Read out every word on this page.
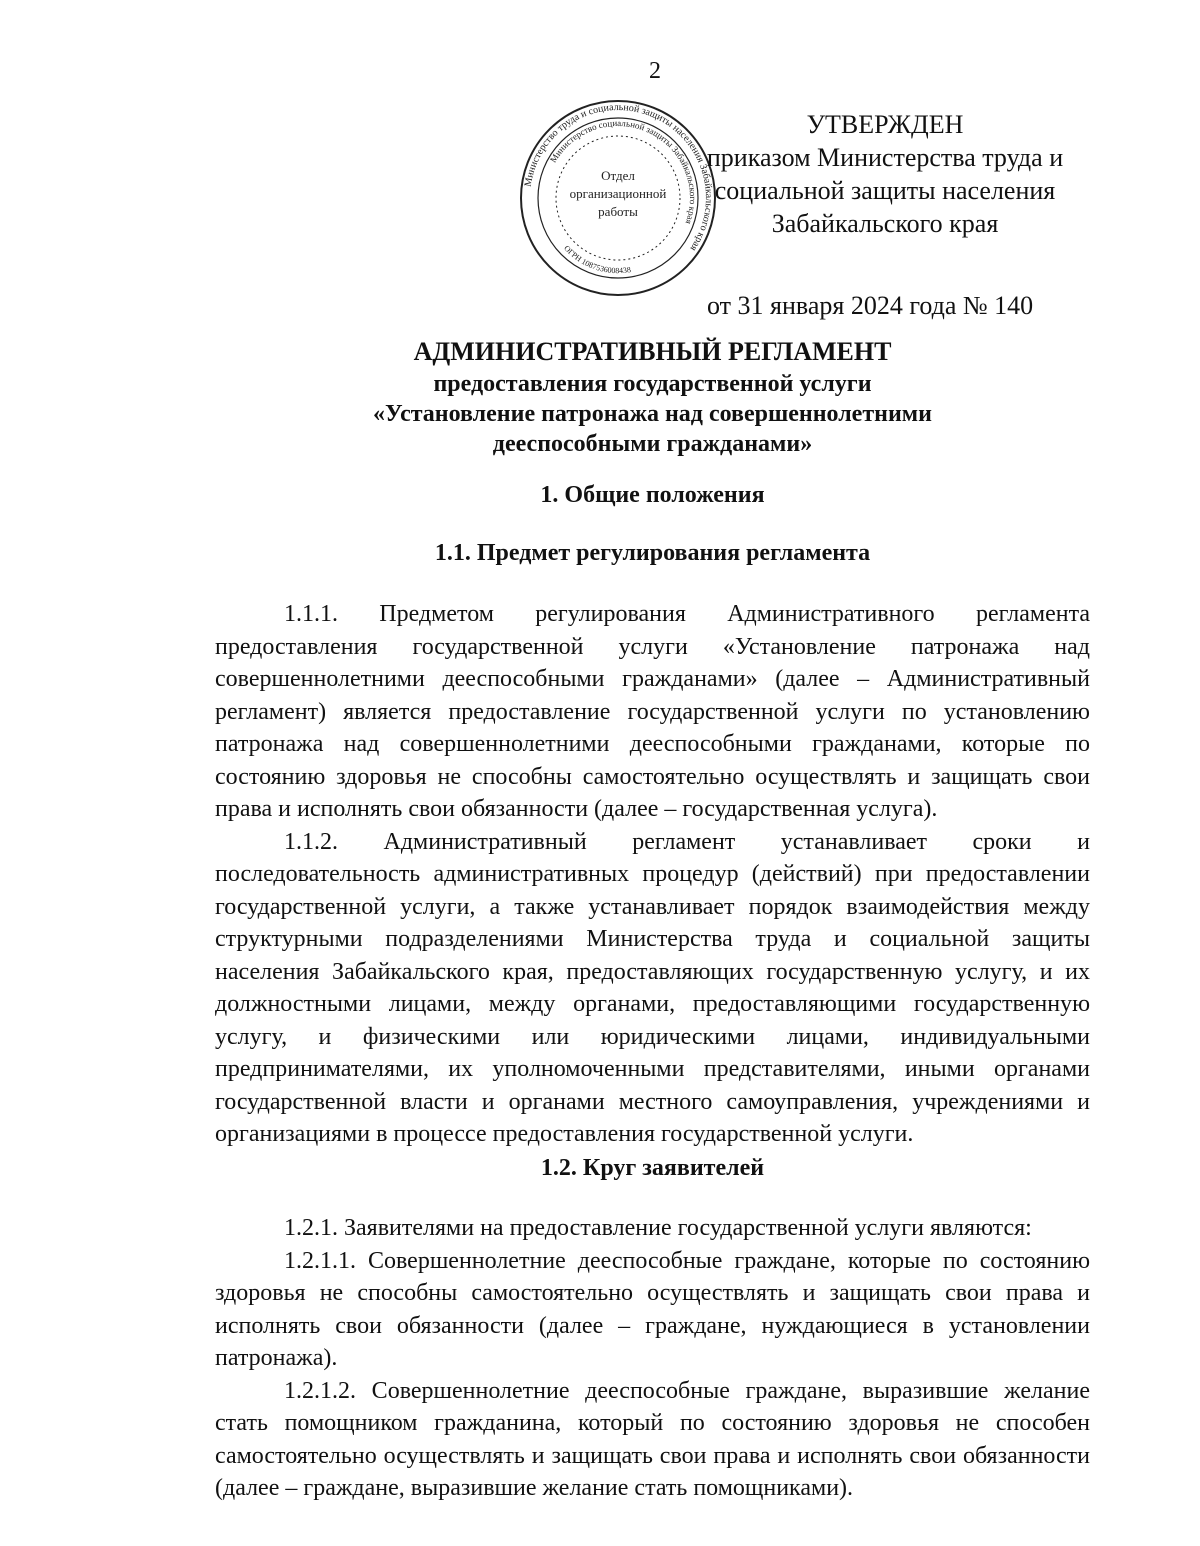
2
Министерство труда и социальной защиты населения Забайкальского края
Министерство социальной защиты Забайкальского края
ОГРН 1087536008438
Отдел
организационной
работы
УТВЕРЖДЕН
приказом Министерства труда и
социальной защиты населения
Забайкальского края
от 31 января 2024 года № 140
АДМИНИСТРАТИВНЫЙ РЕГЛАМЕНТ
предоставления государственной услуги
«Установление патронажа над совершеннолетними
дееспособными гражданами»
1. Общие положения
1.1. Предмет регулирования регламента

1.1.1. Предметом регулирования Административного регламента предоставления государственной услуги «Установление патронажа над совершеннолетними дееспособными гражданами» (далее – Административный регламент) является предоставление государственной услуги по установлению патронажа над совершеннолетними дееспособными гражданами, которые по состоянию здоровья не способны самостоятельно осуществлять и защищать свои права и исполнять свои обязанности (далее – государственная услуга).

1.1.2. Административный регламент устанавливает сроки и последовательность административных процедур (действий) при предоставлении государственной услуги, а также устанавливает порядок взаимодействия между структурными подразделениями Министерства труда и социальной защиты населения Забайкальского края, предоставляющих государственную услугу, и их должностными лицами, между органами, предоставляющими государственную услугу, и физическими или юридическими лицами, индивидуальными предпринимателями, их уполномоченными представителями, иными органами государственной власти и органами местного самоуправления, учреждениями и организациями в процессе предоставления государственной услуги.

1.2. Круг заявителей

1.2.1. Заявителями на предоставление государственной услуги являются:

1.2.1.1. Совершеннолетние дееспособные граждане, которые по состоянию здоровья не способны самостоятельно осуществлять и защищать свои права и исполнять свои обязанности (далее – граждане, нуждающиеся в установлении патронажа).

1.2.1.2. Совершеннолетние дееспособные граждане, выразившие желание стать помощником гражданина, который по состоянию здоровья не способен самостоятельно осуществлять и защищать свои права и исполнять свои обязанности (далее – граждане, выразившие желание стать помощниками).
